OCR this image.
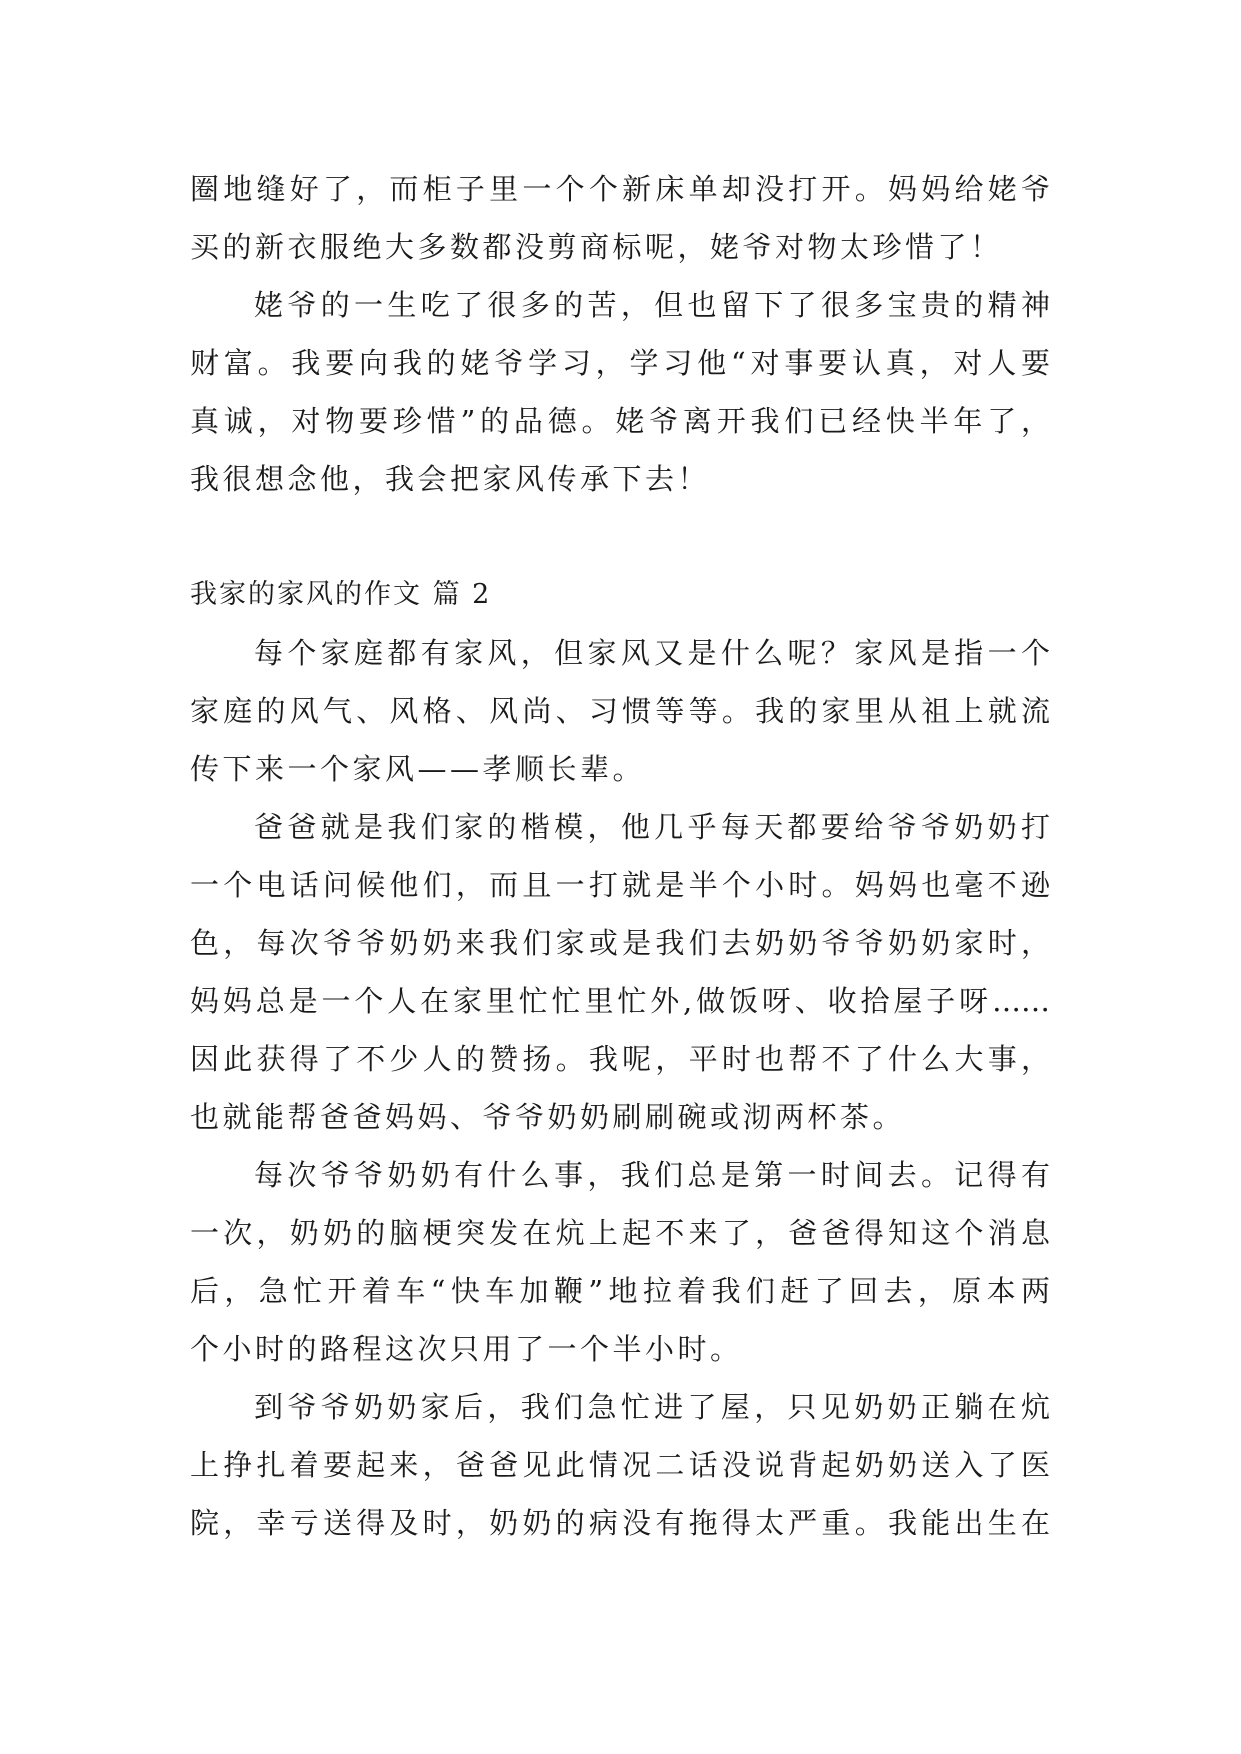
圈地缝好了，而柜子里一个个新床单却没打开。妈妈给姥爷
买的新衣服绝大多数都没剪商标呢，姥爷对物太珍惜了！
姥爷的一生吃了很多的苦，但也留下了很多宝贵的精神
财富。我要向我的姥爷学习，学习他“对事要认真，对人要
真诚，对物要珍惜”的品德。姥爷离开我们已经快半年了，
我很想念他，我会把家风传承下去！
我家的家风的作文 篇 2
每个家庭都有家风，但家风又是什么呢？家风是指一个
家庭的风气、风格、风尚、习惯等等。我的家里从祖上就流
传下来一个家风——孝顺长辈。
爸爸就是我们家的楷模，他几乎每天都要给爷爷奶奶打
一个电话问候他们，而且一打就是半个小时。妈妈也毫不逊
色，每次爷爷奶奶来我们家或是我们去奶奶爷爷奶奶家时，
妈妈总是一个人在家里忙忙里忙外,做饭呀、收拾屋子呀……
因此获得了不少人的赞扬。我呢，平时也帮不了什么大事，
也就能帮爸爸妈妈、爷爷奶奶刷刷碗或沏两杯茶。
每次爷爷奶奶有什么事，我们总是第一时间去。记得有
一次，奶奶的脑梗突发在炕上起不来了，爸爸得知这个消息
后，急忙开着车“快车加鞭”地拉着我们赶了回去，原本两
个小时的路程这次只用了一个半小时。
到爷爷奶奶家后，我们急忙进了屋，只见奶奶正躺在炕
上挣扎着要起来，爸爸见此情况二话没说背起奶奶送入了医
院，幸亏送得及时，奶奶的病没有拖得太严重。我能出生在
